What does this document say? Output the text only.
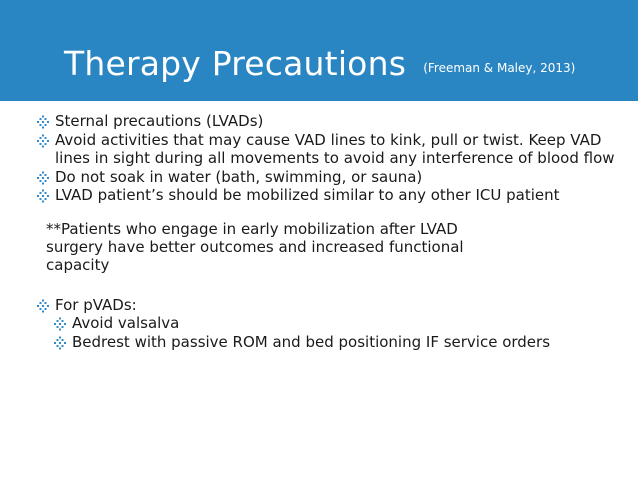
Therapy Precautions (Freeman & Maley, 2013)
Sternal precautions (LVADs)
Avoid activities that may cause VAD lines to kink, pull or twist. Keep VAD lines in sight during all movements to avoid any interference of blood flow
Do not soak in water (bath, swimming, or sauna)
LVAD patient’s should be mobilized similar to any other ICU patient
**Patients who engage in early mobilization after LVAD surgery have better outcomes and increased functional capacity
For pVADs:
Avoid valsalva
Bedrest with passive ROM and bed positioning IF service orders
